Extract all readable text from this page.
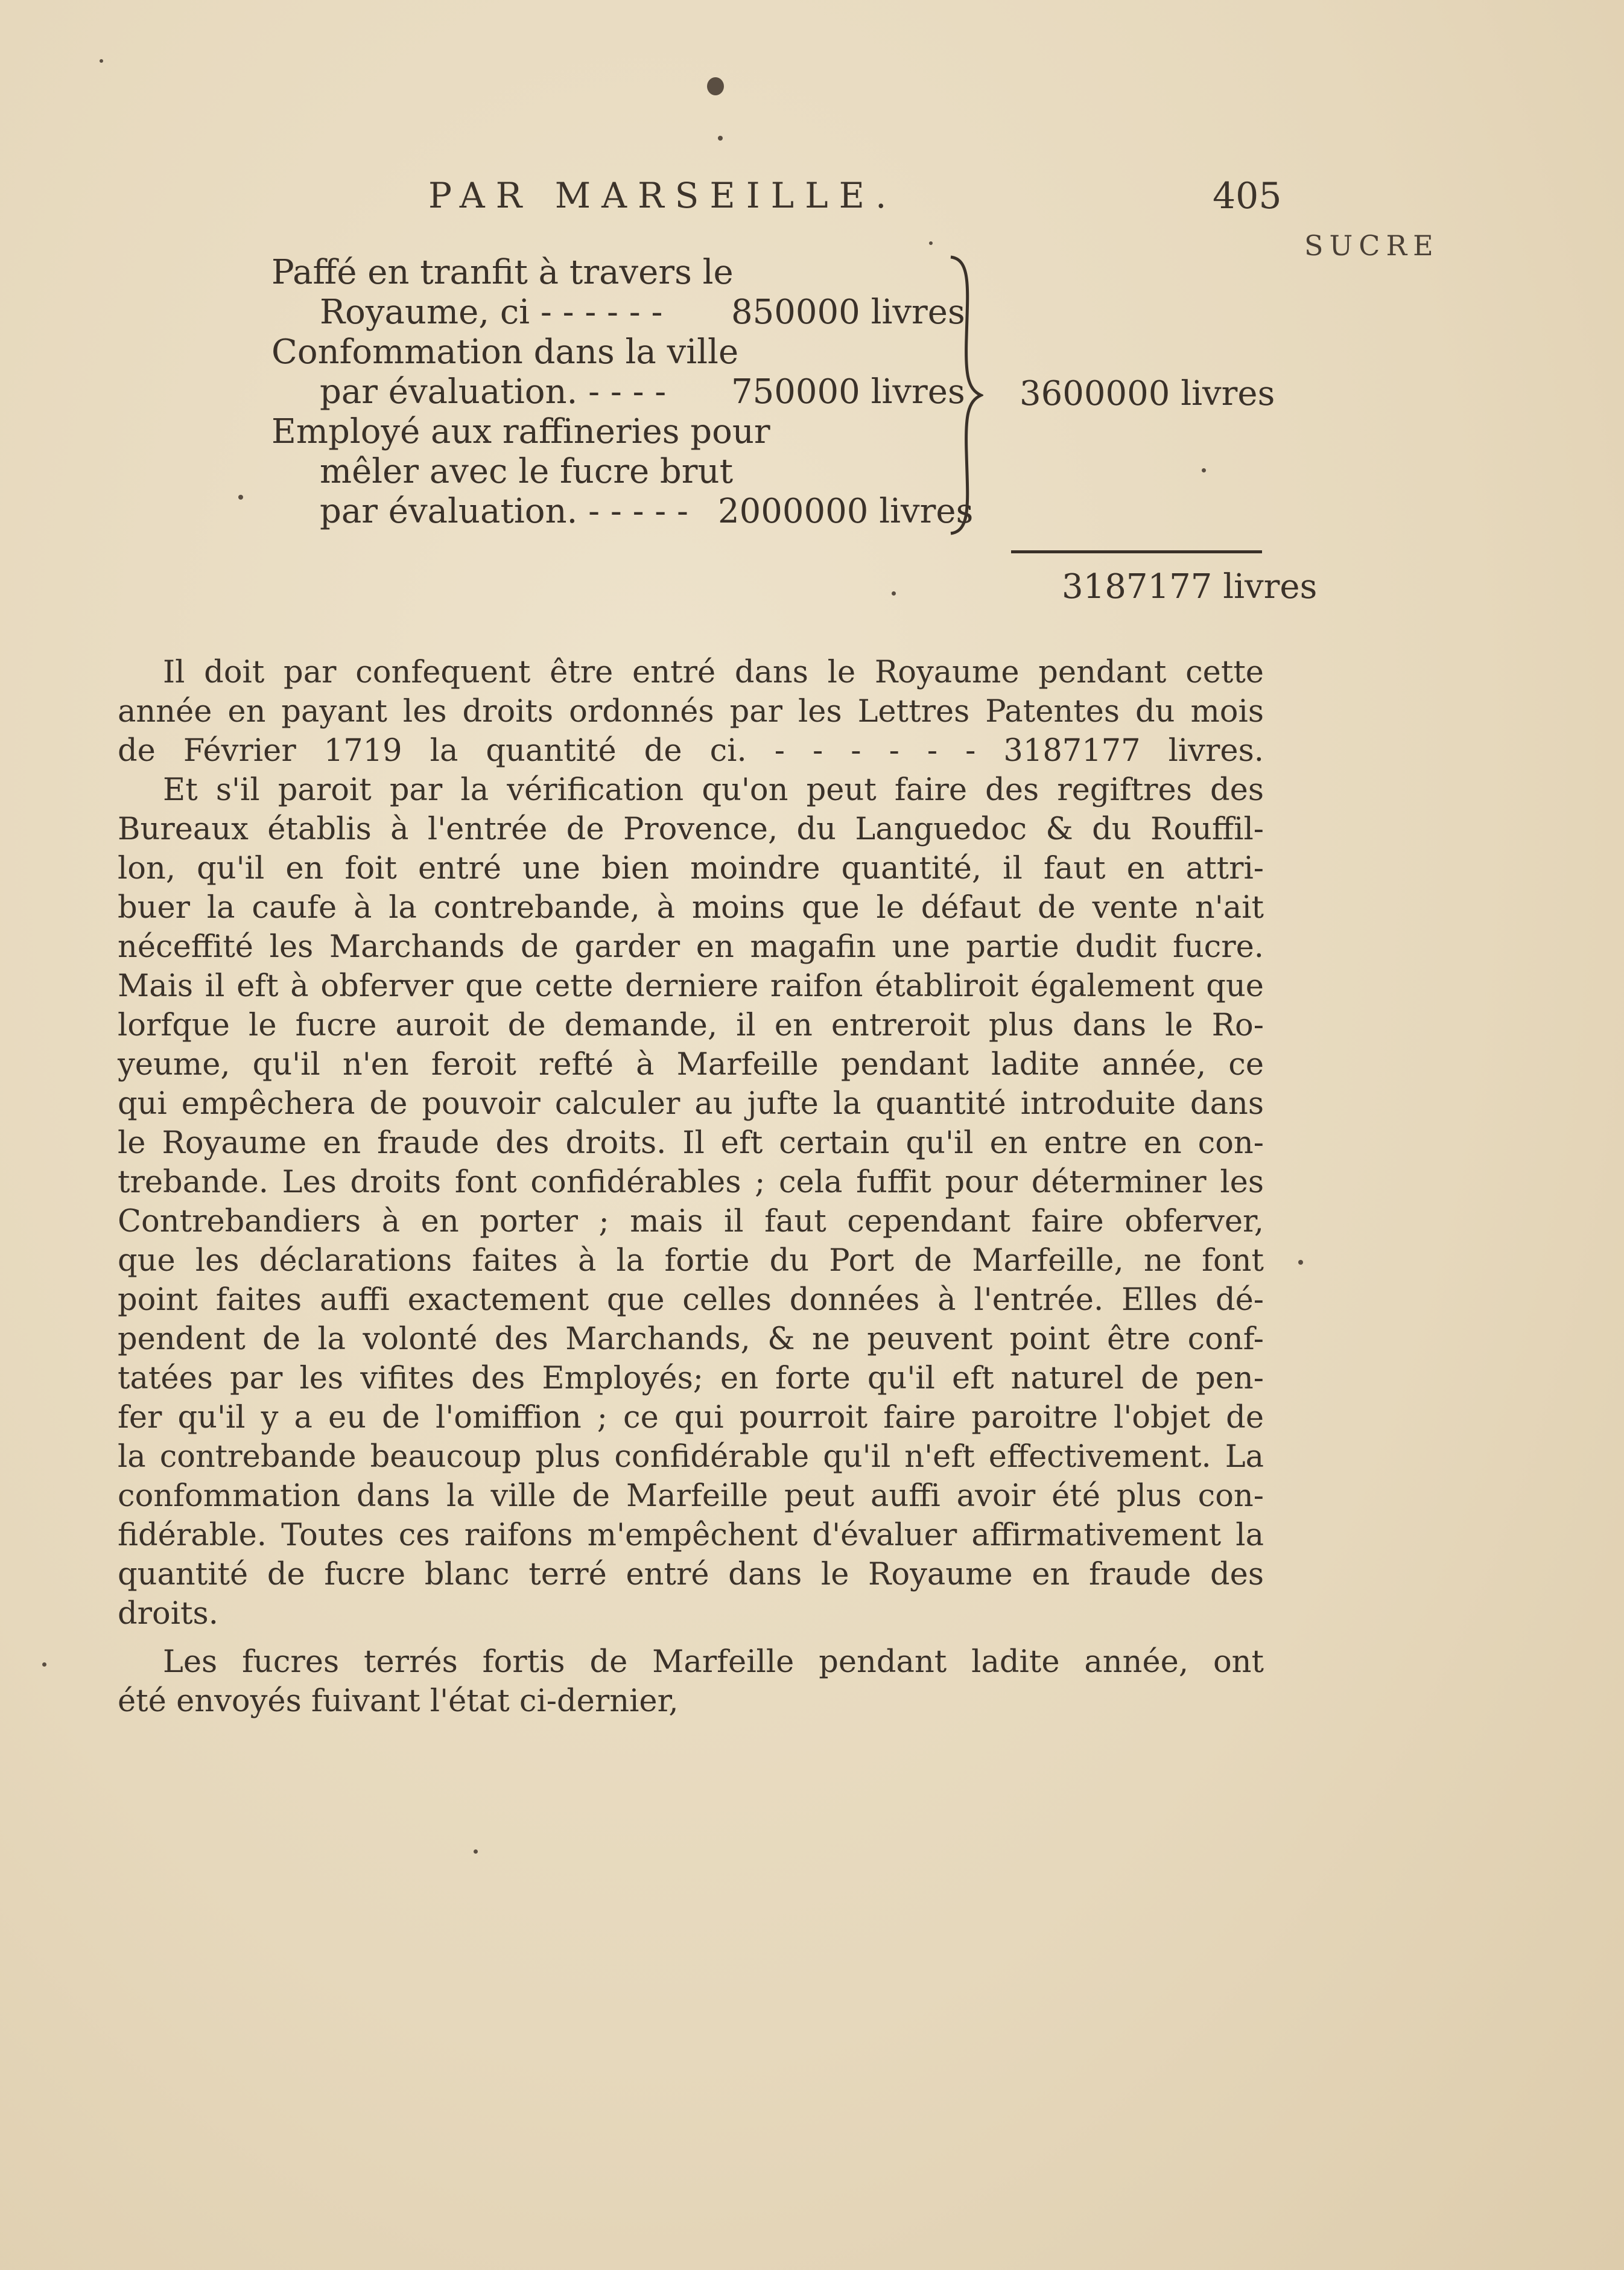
PAR MARSEILLE.	405
SUCRE
Paffé en tranfit à travers le
Royaume, ci - - - - - - 850000 livres
Confommation dans la ville
par évaluation. - - - - 750000 livres
Employé aux raffineries pour
mêler avec le fucre brut
par évaluation. - - - - - 2000000 livres
3600000 livres
3187177 livres
Il doit par confequent être entré dans le Royaume pendant cette
année en payant les droits ordonnés par les Lettres Patentes du mois
de Février 1719 la quantité de ci. - - - - - - 3187177 livres.
Et s'il paroit par la vérification qu'on peut faire des regiftres des
Bureaux établis à l'entrée de Provence, du Languedoc & du Rouffil-
lon, qu'il en foit entré une bien moindre quantité, il faut en attri-
buer la caufe à la contrebande, à moins que le défaut de vente n'ait
néceffité les Marchands de garder en magafin une partie dudit fucre.
Mais il eft à obferver que cette derniere raifon établiroit également que
lorfque le fucre auroit de demande, il en entreroit plus dans le Ro-
yeume, qu'il n'en feroit refté à Marfeille pendant ladite année, ce
qui empêchera de pouvoir calculer au jufte la quantité introduite dans
le Royaume en fraude des droits. Il eft certain qu'il en entre en con-
trebande. Les droits font confidérables ; cela fuffit pour déterminer les
Contrebandiers à en porter ; mais il faut cependant faire obferver,
que les déclarations faites à la fortie du Port de Marfeille, ne font
point faites auffi exactement que celles données à l'entrée. Elles dé-
pendent de la volonté des Marchands, & ne peuvent point être conf-
tatées par les vifites des Employés; en forte qu'il eft naturel de pen-
fer qu'il y a eu de l'omiffion ; ce qui pourroit faire paroitre l'objet de
la contrebande beaucoup plus confidérable qu'il n'eft effectivement. La
confommation dans la ville de Marfeille peut auffi avoir été plus con-
fidérable. Toutes ces raifons m'empêchent d'évaluer affirmativement la
quantité de fucre blanc terré entré dans le Royaume en fraude des
droits.
Les fucres terrés fortis de Marfeille pendant ladite année, ont
été envoyés fuivant l'état ci-dernier,
